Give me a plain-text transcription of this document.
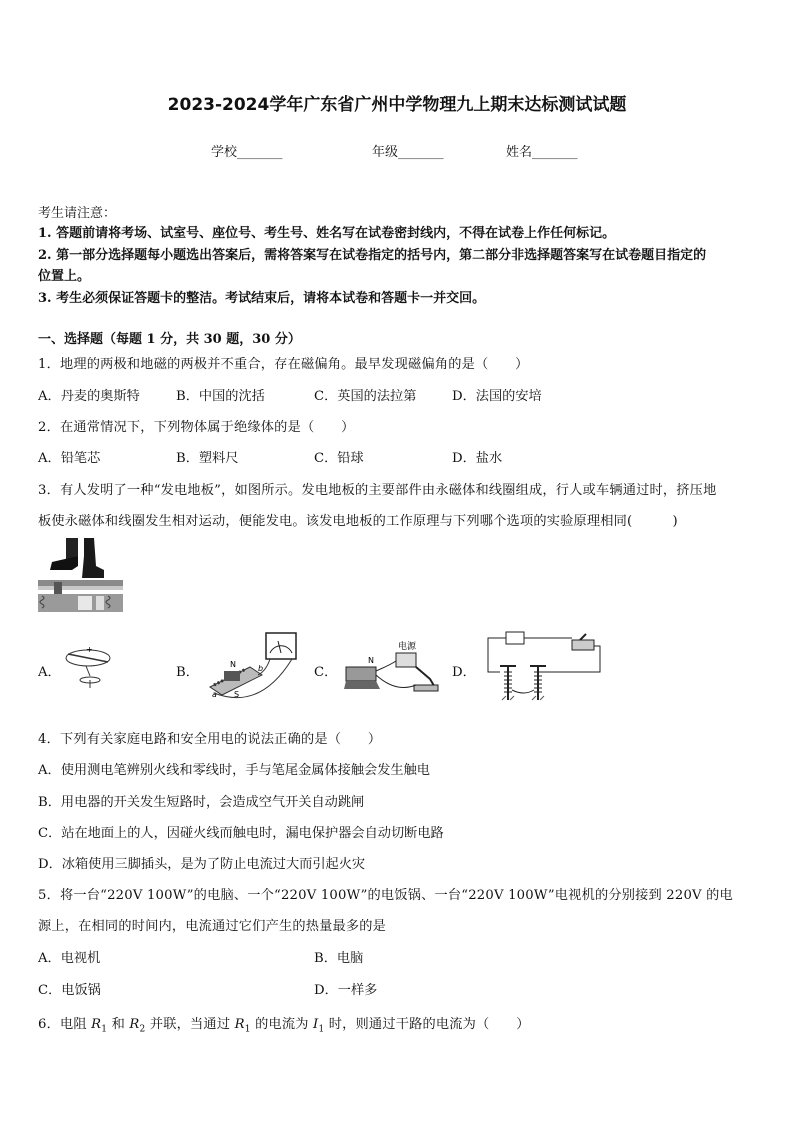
2023-2024学年广东省广州中学物理九上期末达标测试试题
学校_______	年级_______	姓名_______
考生请注意：
1. 答题前请将考场、试室号、座位号、考生号、姓名写在试卷密封线内，不得在试卷上作任何标记。
2. 第一部分选择题每小题选出答案后，需将答案写在试卷指定的括号内，第二部分非选择题答案写在试卷题目指定的
位置上。
3. 考生必须保证答题卡的整洁。考试结束后，请将本试卷和答题卡一并交回。
一、选择题（每题 1 分，共 30 题，30 分）
1．地理的两极和地磁的两极并不重合，存在磁偏角。最早发现磁偏角的是（　　）
A．丹麦的奥斯特	B．中国的沈括	C．英国的法拉第	D．法国的安培
2．在通常情况下，下列物体属于绝缘体的是（　　）
A．铅笔芯	B．塑料尺	C．铅球	D．盐水
3．有人发明了一种“发电地板”，如图所示。发电地板的主要部件由永磁体和线圈组成，行人或车辆通过时，挤压地
板使永磁体和线圈发生相对运动，便能发电。该发电地板的工作原理与下列哪个选项的实验原理相同(　　　)
A．	B．	C．	D．
+
N
S
a
b
电源
N
4．下列有关家庭电路和安全用电的说法正确的是（　　）
A．使用测电笔辨别火线和零线时，手与笔尾金属体接触会发生触电
B．用电器的开关发生短路时，会造成空气开关自动跳闸
C．站在地面上的人，因碰火线而触电时，漏电保护器会自动切断电路
D．冰箱使用三脚插头，是为了防止电流过大而引起火灾
5．将一台“220V 100W”的电脑、一个“220V 100W”的电饭锅、一台“220V 100W”电视机的分别接到 220V 的电
源上，在相同的时间内，电流通过它们产生的热量最多的是
A．电视机	B．电脑
C．电饭锅	D．一样多
6．电阻 $R_1$ 和 $R_2$ 并联，当通过 $R_1$ 的电流为 $I_1$ 时，则通过干路的电流为（　　）
